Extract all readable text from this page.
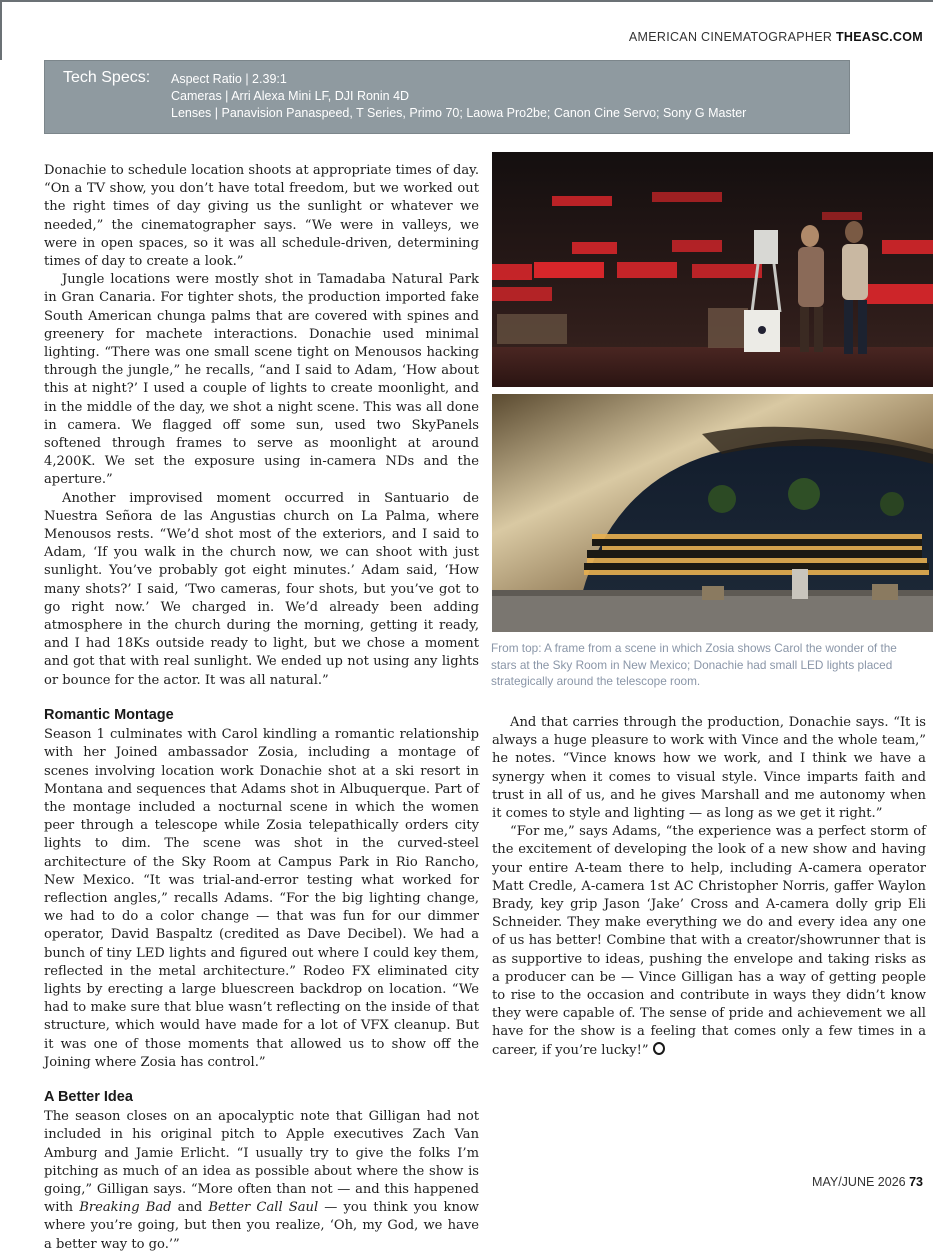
AMERICAN CINEMATOGRAPHER THEASC.COM
Tech Specs: Aspect Ratio | 2.39:1
Cameras | Arri Alexa Mini LF, DJI Ronin 4D
Lenses | Panavision Panaspeed, T Series, Primo 70; Laowa Pro2be; Canon Cine Servo; Sony G Master

Donachie to schedule location shoots at appropriate times of day. “On a TV show, you don’t have total freedom, but we worked out the right times of day giving us the sunlight or whatever we needed,” the cinematographer says. “We were in valleys, we were in open spaces, so it was all schedule-driven, determining times of day to create a look.”

Jungle locations were mostly shot in Tamadaba Natural Park in Gran Canaria. For tighter shots, the production imported fake South American chunga palms that are covered with spines and greenery for machete interactions. Donachie used minimal lighting. “There was one small scene tight on Menousos hacking through the jungle,” he recalls, “and I said to Adam, ‘How about this at night?’ I used a couple of lights to create moonlight, and in the middle of the day, we shot a night scene. This was all done in camera. We flagged off some sun, used two SkyPanels softened through frames to serve as moonlight at around 4,200K. We set the exposure using in-camera NDs and the aperture.”

Another improvised moment occurred in Santuario de Nuestra Señora de las Angustias church on La Palma, where Menousos rests. “We’d shot most of the exteriors, and I said to Adam, ‘If you walk in the church now, we can shoot with just sunlight. You’ve probably got eight minutes.’ Adam said, ‘How many shots?’ I said, ‘Two cameras, four shots, but you’ve got to go right now.’ We charged in. We’d already been adding atmosphere in the church during the morning, getting it ready, and I had 18Ks outside ready to light, but we chose a moment and got that with real sunlight. We ended up not using any lights or bounce for the actor. It was all natural.”

Romantic Montage

Season 1 culminates with Carol kindling a romantic relationship with her Joined ambassador Zosia, including a montage of scenes involving location work Donachie shot at a ski resort in Montana and sequences that Adams shot in Albuquerque. Part of the montage included a nocturnal scene in which the women peer through a telescope while Zosia telepathically orders city lights to dim. The scene was shot in the curved-steel architecture of the Sky Room at Campus Park in Rio Rancho, New Mexico. “It was trial-and-error testing what worked for reflection angles,” recalls Adams. “For the big lighting change, we had to do a color change — that was fun for our dimmer operator, David Baspaltz (credited as Dave Decibel). We had a bunch of tiny LED lights and figured out where I could key them, reflected in the metal architecture.” Rodeo FX eliminated city lights by erecting a large bluescreen backdrop on location. “We had to make sure that blue wasn’t reflecting on the inside of that structure, which would have made for a lot of VFX cleanup. But it was one of those moments that allowed us to show off the Joining where Zosia has control.”

A Better Idea

The season closes on an apocalyptic note that Gilligan had not included in his original pitch to Apple executives Zach Van Amburg and Jamie Erlicht. “I usually try to give the folks I’m pitching as much of an idea as possible about where the show is going,” Gilligan says. “More often than not — and this happened with Breaking Bad and Better Call Saul — you think you know where you’re going, but then you realize, ‘Oh, my God, we have a better way to go.’”

From top: A frame from a scene in which Zosia shows Carol the wonder of the stars at the Sky Room in New Mexico; Donachie had small LED lights placed strategically around the telescope room.

And that carries through the production, Donachie says. “It is always a huge pleasure to work with Vince and the whole team,” he notes. “Vince knows how we work, and I think we have a synergy when it comes to visual style. Vince imparts faith and trust in all of us, and he gives Marshall and me autonomy when it comes to style and lighting — as long as we get it right.”

“For me,” says Adams, “the experience was a perfect storm of the excitement of developing the look of a new show and having your entire A-team there to help, including A-camera operator Matt Credle, A-camera 1st AC Christopher Norris, gaffer Waylon Brady, key grip Jason ‘Jake’ Cross and A-camera dolly grip Eli Schneider. They make everything we do and every idea any one of us has better! Combine that with a creator/showrunner that is as supportive to ideas, pushing the envelope and taking risks as a producer can be — Vince Gilligan has a way of getting people to rise to the occasion and contribute in ways they didn’t know they were capable of. The sense of pride and achievement we all have for the show is a feeling that comes only a few times in a career, if you’re lucky!”

MAY/JUNE 2026 73
